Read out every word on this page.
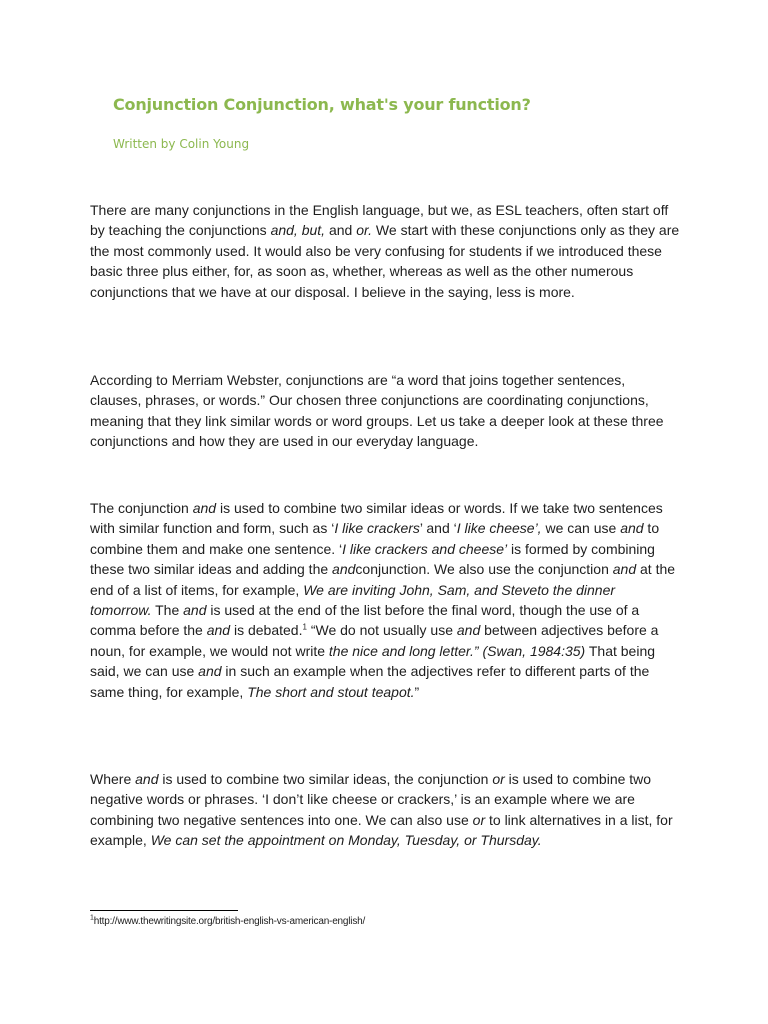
Conjunction Conjunction, what's your function?

Written by Colin Young

There are many conjunctions in the English language, but we, as ESL teachers, often start off by teaching the conjunctions and, but, and or. We start with these conjunctions only as they are the most commonly used. It would also be very confusing for students if we introduced these basic three plus either, for, as soon as, whether, whereas as well as the other numerous conjunctions that we have at our disposal. I believe in the saying, less is more.

According to Merriam Webster, conjunctions are “a word that joins together sentences, clauses, phrases, or words.” Our chosen three conjunctions are coordinating conjunctions, meaning that they link similar words or word groups. Let us take a deeper look at these three conjunctions and how they are used in our everyday language.

The conjunction and is used to combine two similar ideas or words. If we take two sentences with similar function and form, such as ‘I like crackers’ and ‘I like cheese’, we can use and to combine them and make one sentence. ‘I like crackers and cheese’ is formed by combining these two similar ideas and adding the andconjunction. We also use the conjunction and at the end of a list of items, for example, We are inviting John, Sam, and Steveto the dinner tomorrow. The and is used at the end of the list before the final word, though the use of a comma before the and is debated.$^1$ “We do not usually use and between adjectives before a noun, for example, we would not write the nice and long letter.” (Swan, 1984:35) That being said, we can use and in such an example when the adjectives refer to different parts of the same thing, for example, The short and stout teapot.”

Where and is used to combine two similar ideas, the conjunction or is used to combine two negative words or phrases. ‘I don’t like cheese or crackers,’ is an example where we are combining two negative sentences into one. We can also use or to link alternatives in a list, for example, We can set the appointment on Monday, Tuesday, or Thursday.

$^1$http://www.thewritingsite.org/british-english-vs-american-english/
